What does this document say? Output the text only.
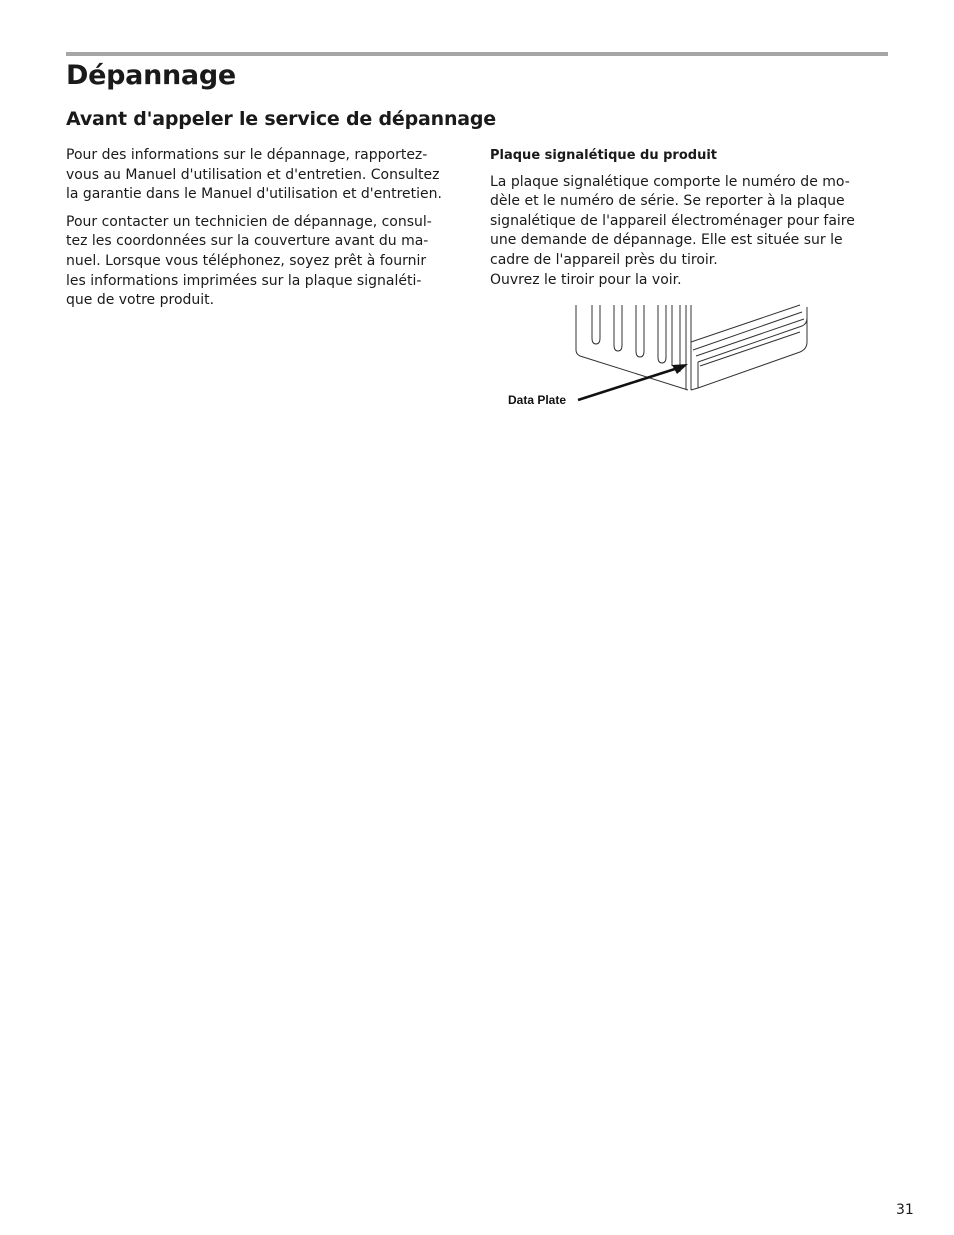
Dépannage
Avant d'appeler le service de dépannage

Pour des informations sur le dépannage, rapportez-
vous au Manuel d'utilisation et d'entretien. Consultez
la garantie dans le Manuel d'utilisation et d'entretien.

Pour contacter un technicien de dépannage, consul-
tez les coordonnées sur la couverture avant du ma-
nuel. Lorsque vous téléphonez, soyez prêt à fournir
les informations imprimées sur la plaque signaléti-
que de votre produit.

Plaque signalétique du produit

La plaque signalétique comporte le numéro de mo-
dèle et le numéro de série. Se reporter à la plaque
signalétique de l'appareil électroménager pour faire
une demande de dépannage. Elle est située sur le
cadre de l'appareil près du tiroir.
Ouvrez le tiroir pour la voir.

Data Plate
31
